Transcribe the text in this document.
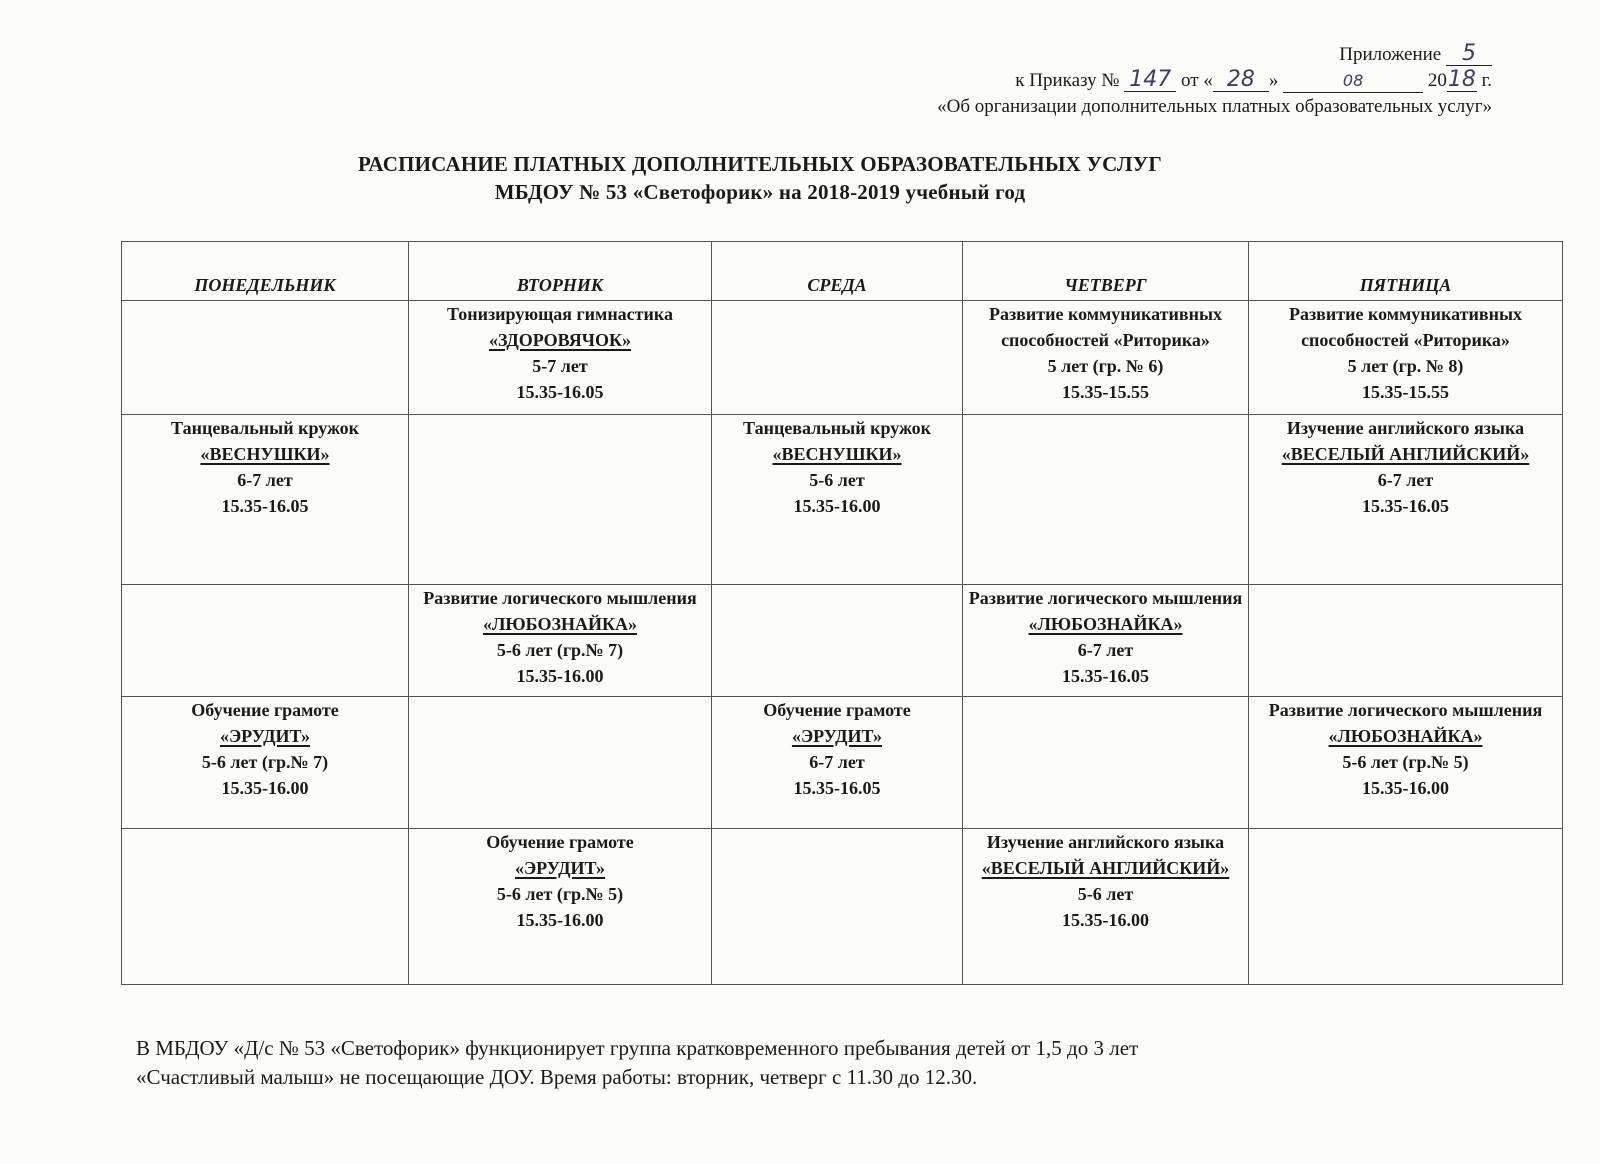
Приложение 5
к Приказу № 147 от « 28 »	08	2018 г.
«Об организации дополнительных платных образовательных услуг»
РАСПИСАНИЕ ПЛАТНЫХ ДОПОЛНИТЕЛЬНЫХ ОБРАЗОВАТЕЛЬНЫХ УСЛУГ
МБДОУ № 53 «Светофорик» на 2018-2019 учебный год
ПОНЕДЕЛЬНИК	ВТОРНИК	СРЕДА	ЧЕТВЕРГ	ПЯТНИЦА

	Тонизирующая гимнастика
«ЗДОРОВЯЧОК»
5-7 лет
15.35-16.05		Развитие коммуникативных способностей «Риторика»
5 лет (гр. № 6)
15.35-15.55	Развитие коммуникативных способностей «Риторика»
5 лет (гр. № 8)
15.35-15.55

Танцевальный кружок
«ВЕСНУШКИ»
6-7 лет
15.35-16.05		Танцевальный кружок
«ВЕСНУШКИ»
5-6 лет
15.35-16.00		Изучение английского языка
«ВЕСЕЛЫЙ АНГЛИЙСКИЙ»
6-7 лет
15.35-16.05

	Развитие логического мышления
«ЛЮБОЗНАЙКА»
5-6 лет (гр.№ 7)
15.35-16.00		Развитие логического мышления
«ЛЮБОЗНАЙКА»
6-7 лет
15.35-16.05	

Обучение грамоте
«ЭРУДИТ»
5-6 лет (гр.№ 7)
15.35-16.00		Обучение грамоте
«ЭРУДИТ»
6-7 лет
15.35-16.05		Развитие логического мышления
«ЛЮБОЗНАЙКА»
5-6 лет (гр.№ 5)
15.35-16.00

	Обучение грамоте
«ЭРУДИТ»
5-6 лет (гр.№ 5)
15.35-16.00		Изучение английского языка
«ВЕСЕЛЫЙ АНГЛИЙСКИЙ»
5-6 лет
15.35-16.00	

В МБДОУ «Д/с № 53 «Светофорик» функционирует группа кратковременного пребывания детей от 1,5 до 3 лет
«Счастливый малыш» не посещающие ДОУ. Время работы: вторник, четверг с 11.30 до 12.30.
